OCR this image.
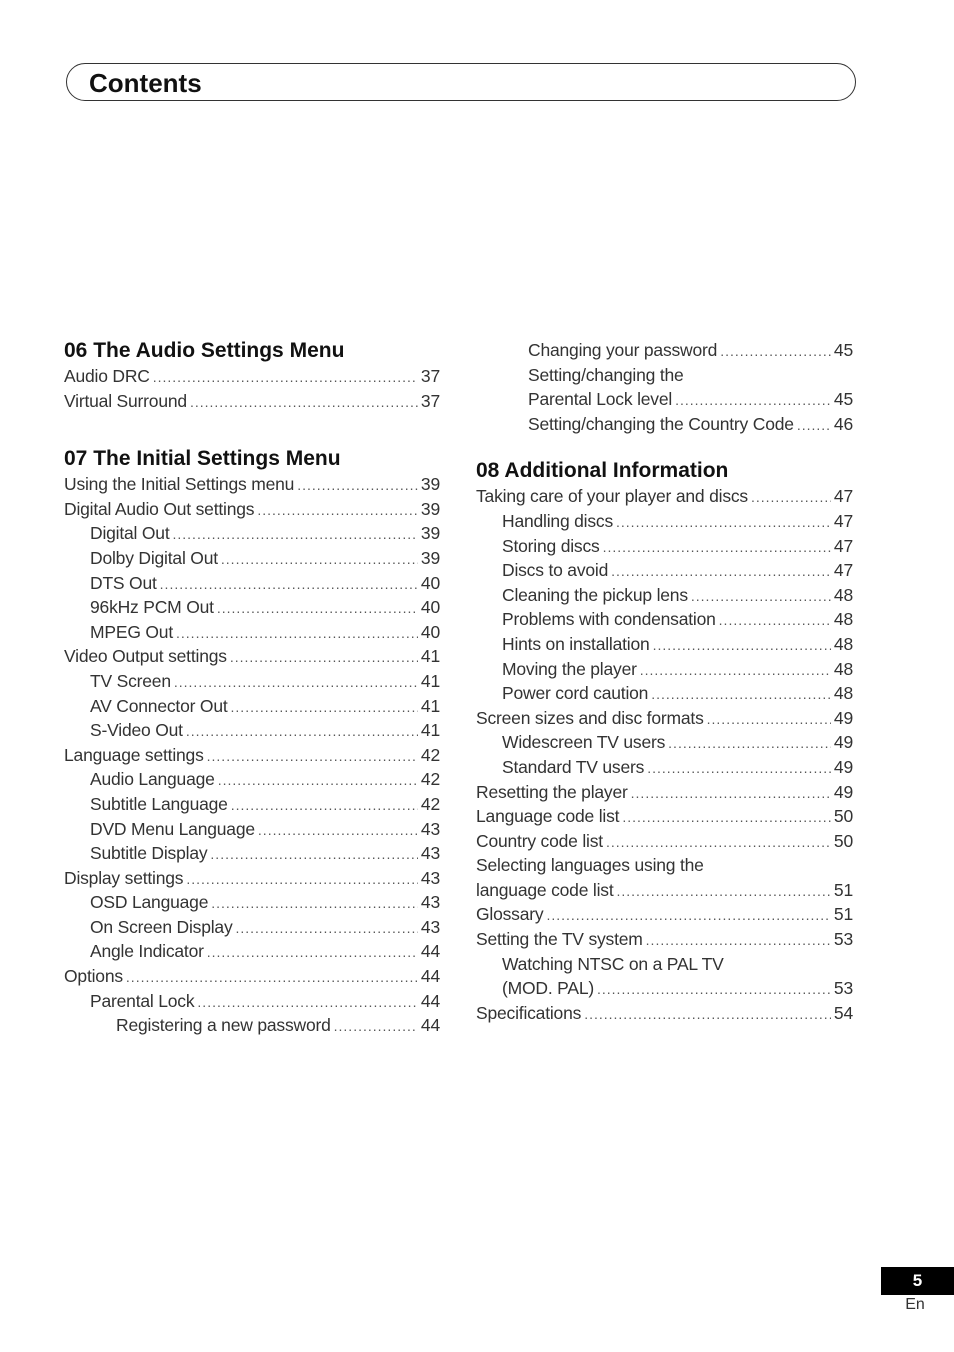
Contents
06 The Audio Settings Menu
Audio DRC .....	37
Virtual Surround .....	37
07 The Initial Settings Menu
Using the Initial Settings menu .....	39
Digital Audio Out settings .....	39
Digital Out .....	39
Dolby Digital Out .....	39
DTS Out .....	40
96kHz PCM Out .....	40
MPEG Out .....	40
Video Output settings .....	41
TV Screen .....	41
AV Connector Out .....	41
S-Video Out .....	41
Language settings .....	42
Audio Language .....	42
Subtitle Language .....	42
DVD Menu Language .....	43
Subtitle Display .....	43
Display settings .....	43
OSD Language .....	43
On Screen Display .....	43
Angle Indicator .....	44
Options .....	44
Parental Lock .....	44
Registering a new password .....	44
Changing your password .....	45
Setting/changing the
Parental Lock level .....	45
Setting/changing the Country Code ..... 46
08 Additional Information
Taking care of your player and discs .....	47
Handling discs .....	47
Storing discs .....	47
Discs to avoid .....	47
Cleaning the pickup lens .....	48
Problems with condensation .....	48
Hints on installation .....	48
Moving the player .....	48
Power cord caution .....	48
Screen sizes and disc formats .....	49
Widescreen TV users .....	49
Standard TV users .....	49
Resetting the player .....	49
Language code list .....	50
Country code list .....	50
Selecting languages using the
language code list .....	51
Glossary .....	51
Setting the TV system .....	53
Watching NTSC on a PAL TV
(MOD. PAL) .....	53
Specifications .....	54
5
En
